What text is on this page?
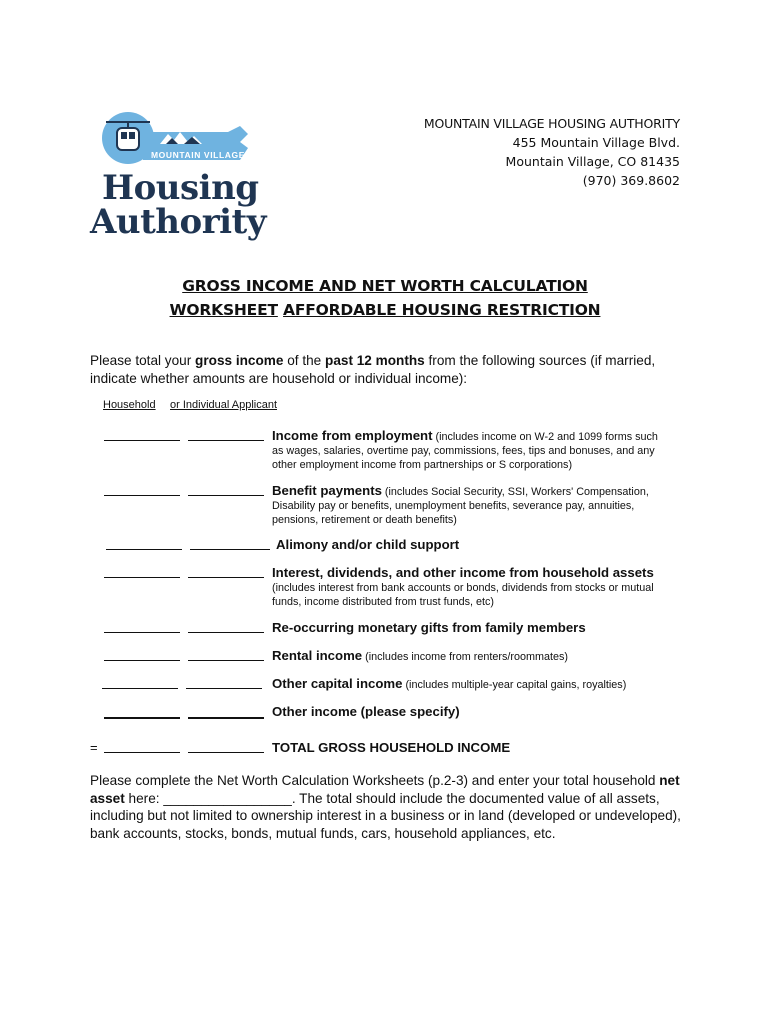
MOUNTAIN VILLAGE
Housing
Authority
MOUNTAIN VILLAGE HOUSING AUTHORITY
455 Mountain Village Blvd.
Mountain Village, CO 81435
(970) 369.8602
GROSS INCOME AND NET WORTH CALCULATION
WORKSHEET AFFORDABLE HOUSING RESTRICTION
Please total your gross income of the past 12 months from the following sources (if married, indicate whether amounts are household or individual income):
Household or Individual Applicant
Income from employment (includes income on W-2 and 1099 forms such
as wages, salaries, overtime pay, commissions, fees, tips and bonuses, and any
other employment income from partnerships or S corporations)
Benefit payments (includes Social Security, SSI, Workers' Compensation,
Disability pay or benefits, unemployment benefits, severance pay, annuities,
pensions, retirement or death benefits)
Alimony and/or child support
Interest, dividends, and other income from household assets
(includes interest from bank accounts or bonds, dividends from stocks or mutual
funds, income distributed from trust funds, etc)
Re-occurring monetary gifts from family members
Rental income (includes income from renters/roommates)
Other capital income (includes multiple-year capital gains, royalties)
Other income (please specify)
=	TOTAL GROSS HOUSEHOLD INCOME
Please complete the Net Worth Calculation Worksheets (p.2-3) and enter your total household net asset here: _________________. The total should include the documented value of all assets, including but not limited to ownership interest in a business or in land (developed or undeveloped), bank accounts, stocks, bonds, mutual funds, cars, household appliances, etc.
